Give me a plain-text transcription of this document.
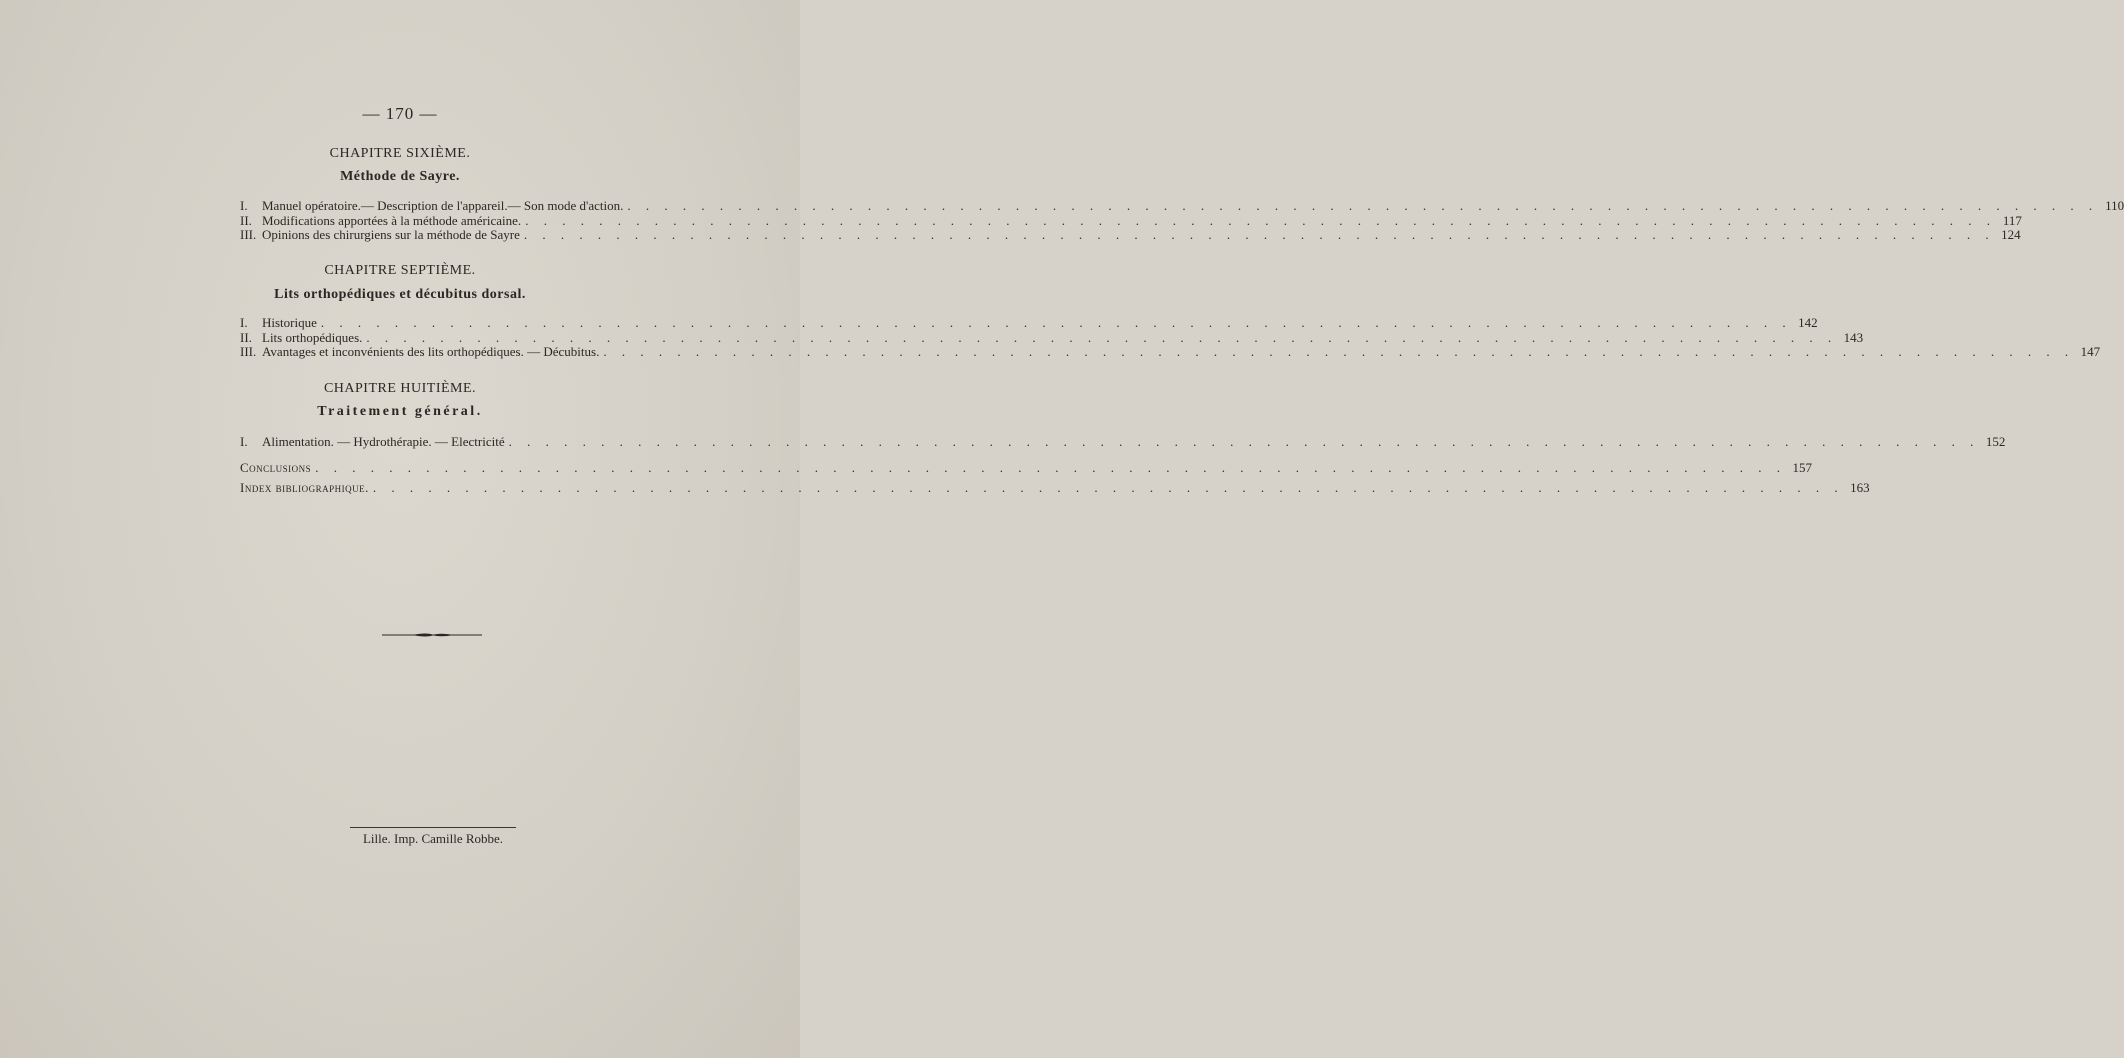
— 170 —
CHAPITRE SIXIÈME.
Méthode de Sayre.
I.	Manuel opératoire.— Description de l'appareil.— Son mode d'action. . . . . . . . . . . . . . . . . . . . . . . . . . . . . . . . . . . . . . . . . . . . . . . . . . . . . . . . . . . . . . . . . . . . . . . . . . . . . . . . . 110
II. Modifications apportées à la méthode américaine. . . . . . . . . . . . . . . . . . . . . . . . . . . . . . . . . . . . . . . . . . . . . . . . . . . . . . . . . . . . . . . . . . . . . . . . . . . . . . . . . 117
III. Opinions des chirurgiens sur la méthode de Sayre . . . . . . . . . . . . . . . . . . . . . . . . . . . . . . . . . . . . . . . . . . . . . . . . . . . . . . . . . . . . . . . . . . . . . . . . . . . . . . . . 124
CHAPITRE SEPTIÈME.
Lits orthopédiques et décubitus dorsal.
I.	Historique . . . . . . . . . . . . . . . . . . . . . . . . . . . . . . . . . . . . . . . . . . . . . . . . . . . . . . . . . . . . . . . . . . . . . . . . . . . . . . . . 142
II. Lits orthopédiques. . . . . . . . . . . . . . . . . . . . . . . . . . . . . . . . . . . . . . . . . . . . . . . . . . . . . . . . . . . . . . . . . . . . . . . . . . . . . . . . . 143
III. Avantages et inconvénients des lits orthopédiques. — Décubitus. . . . . . . . . . . . . . . . . . . . . . . . . . . . . . . . . . . . . . . . . . . . . . . . . . . . . . . . . . . . . . . . . . . . . . . . . . . . . . . . . 147
CHAPITRE HUITIÈME.
Traitement général.
I.	Alimentation. — Hydrothérapie. — Electricité . . . . . . . . . . . . . . . . . . . . . . . . . . . . . . . . . . . . . . . . . . . . . . . . . . . . . . . . . . . . . . . . . . . . . . . . . . . . . . . . 152
Conclusions . . . . . . . . . . . . . . . . . . . . . . . . . . . . . . . . . . . . . . . . . . . . . . . . . . . . . . . . . . . . . . . . . . . . . . . . . . . . . . . . 157
Index bibliographique. . . . . . . . . . . . . . . . . . . . . . . . . . . . . . . . . . . . . . . . . . . . . . . . . . . . . . . . . . . . . . . . . . . . . . . . . . . . . . . . . 163
Lille. Imp. Camille Robbe.
